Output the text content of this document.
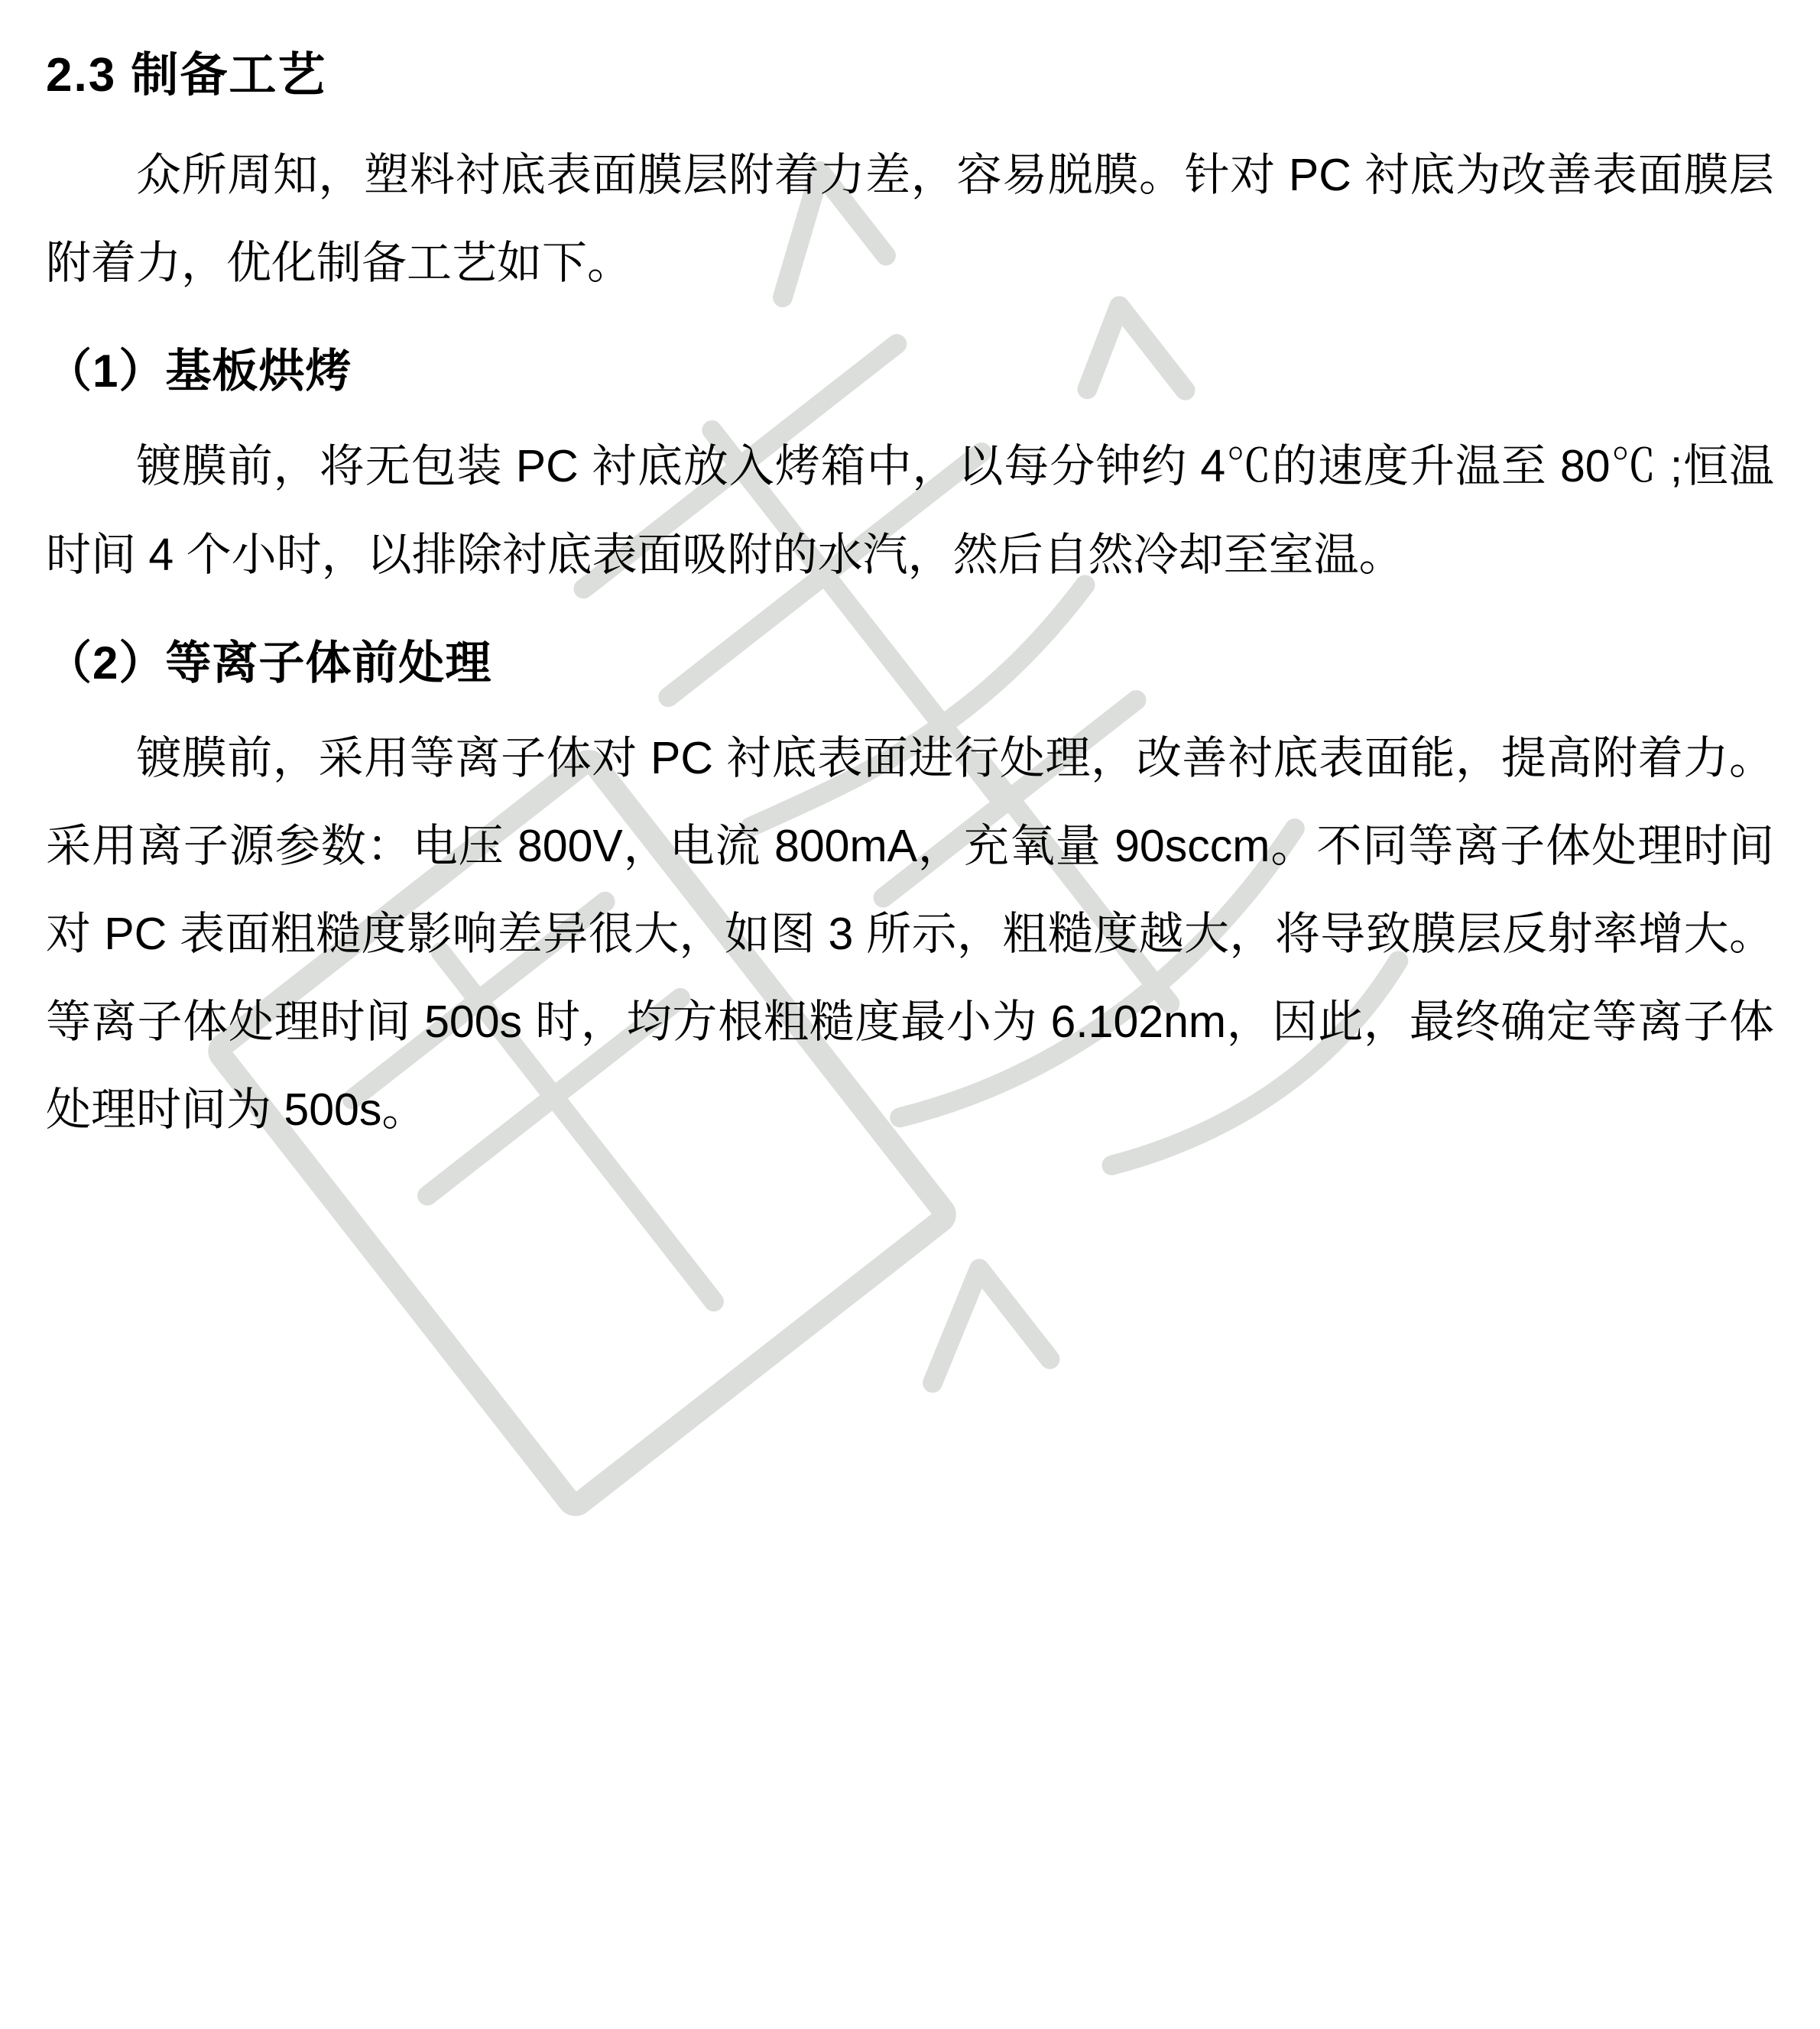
2.3 制备工艺

众所周知，塑料衬底表面膜层附着力差，容易脱膜。针对 PC 衬底为改善表面膜层附着力，优化制备工艺如下。

（1）基板烘烤

镀膜前，将无包装 PC 衬底放入烤箱中，以每分钟约 4℃的速度升温至 80℃ ;恒温时间 4 个小时，以排除衬底表面吸附的水汽，然后自然冷却至室温。

（2）等离子体前处理

镀膜前，采用等离子体对 PC 衬底表面进行处理，改善衬底表面能，提高附着力。采用离子源参数：电压 800V，电流 800mA，充氧量 90sccm。不同等离子体处理时间对 PC 表面粗糙度影响差异很大，如图 3 所示，粗糙度越大，将导致膜层反射率增大。等离子体处理时间 500s 时，均方根粗糙度最小为 6.102nm，因此，最终确定等离子体处理时间为 500s。
